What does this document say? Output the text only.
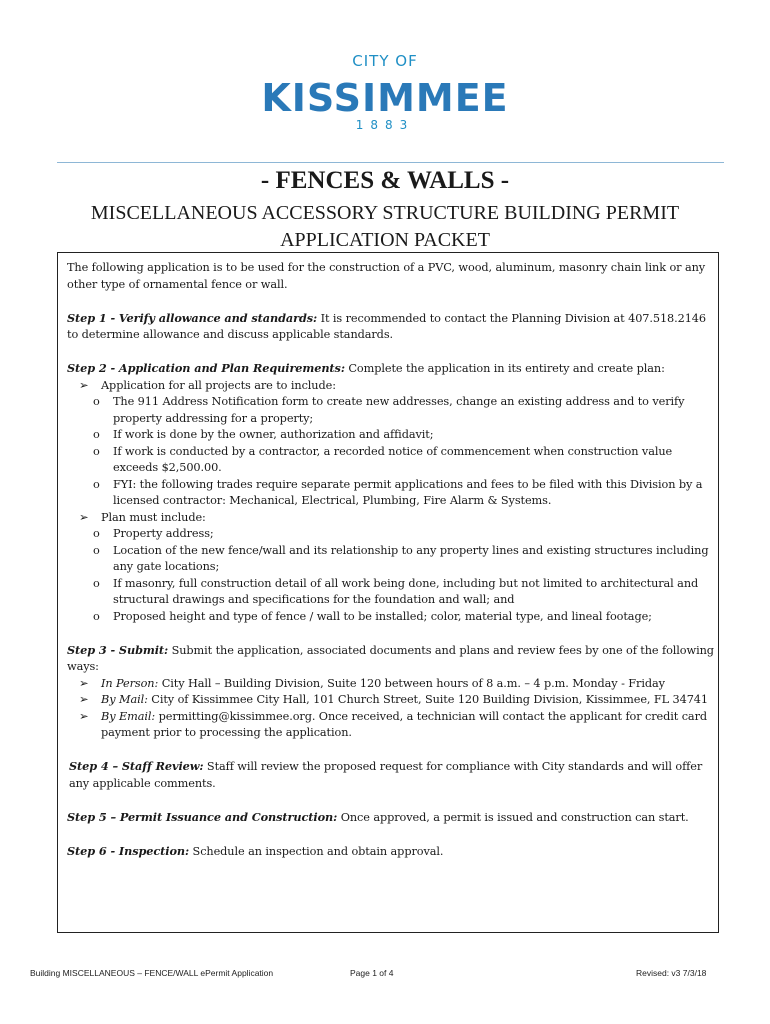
CITY OF
KISSIMMEE
1883
- FENCES & WALLS -
MISCELLANEOUS ACCESSORY STRUCTURE BUILDING PERMIT
APPLICATION PACKET

The following application is to be used for the construction of a PVC, wood, aluminum, masonry chain link or any other type of ornamental fence or wall.

Step 1 - Verify allowance and standards: It is recommended to contact the Planning Division at 407.518.2146 to determine allowance and discuss applicable standards.

Step 2 - Application and Plan Requirements: Complete the application in its entirety and create plan:
➢ Application for all projects are to include:
o The 911 Address Notification form to create new addresses, change an existing address and to verify property addressing for a property;
o If work is done by the owner, authorization and affidavit;
o If work is conducted by a contractor, a recorded notice of commencement when construction value exceeds $2,500.00.
o FYI: the following trades require separate permit applications and fees to be filed with this Division by a licensed contractor: Mechanical, Electrical, Plumbing, Fire Alarm & Systems.
➢ Plan must include:
o Property address;
o Location of the new fence/wall and its relationship to any property lines and existing structures including any gate locations;
o If masonry, full construction detail of all work being done, including but not limited to architectural and structural drawings and specifications for the foundation and wall; and
o Proposed height and type of fence / wall to be installed; color, material type, and lineal footage;
Step 3 - Submit: Submit the application, associated documents and plans and review fees by one of the following ways:
➢ In Person: City Hall – Building Division, Suite 120 between hours of 8 a.m. – 4 p.m. Monday - Friday
➢ By Mail: City of Kissimmee City Hall, 101 Church Street, Suite 120 Building Division, Kissimmee, FL 34741
➢ By Email: permitting@kissimmee.org. Once received, a technician will contact the applicant for credit card payment prior to processing the application.

Step 4 – Staff Review: Staff will review the proposed request for compliance with City standards and will offer any applicable comments.

Step 5 – Permit Issuance and Construction: Once approved, a permit is issued and construction can start.

Step 6 - Inspection: Schedule an inspection and obtain approval.

Building MISCELLANEOUS – FENCE/WALL ePermit Application	Page 1 of 4	Revised: v3 7/3/18
